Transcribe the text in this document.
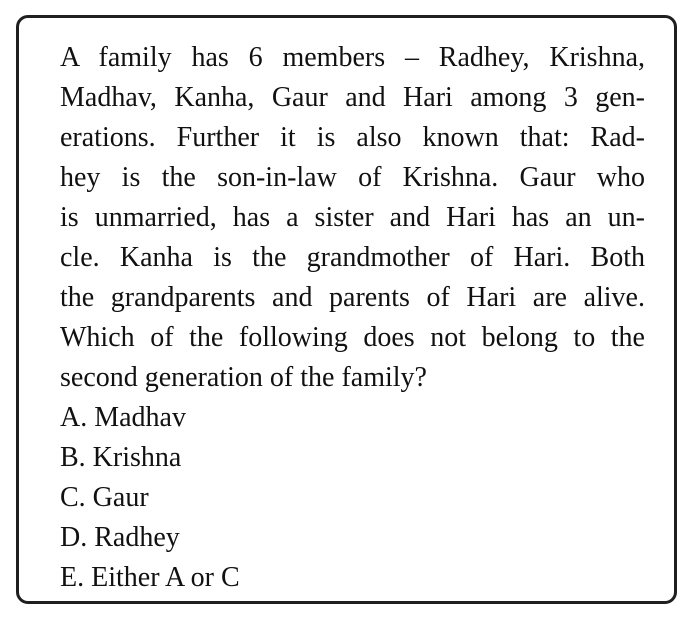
A family has 6 members – Radhey, Krishna,
Madhav, Kanha, Gaur and Hari among 3 gen-
erations. Further it is also known that: Rad-
hey is the son-in-law of Krishna. Gaur who
is unmarried, has a sister and Hari has an un-
cle. Kanha is the grandmother of Hari. Both
the grandparents and parents of Hari are alive.
Which of the following does not belong to the
second generation of the family?
A. Madhav
B. Krishna
C. Gaur
D. Radhey
E. Either A or C
